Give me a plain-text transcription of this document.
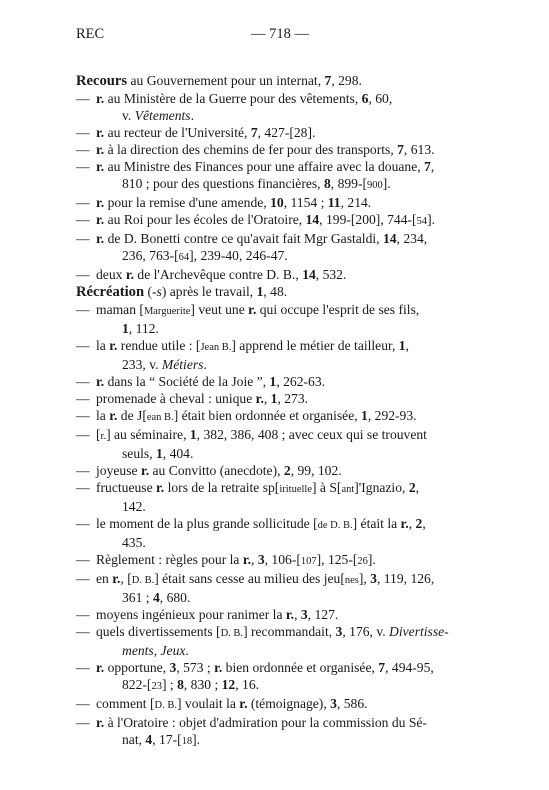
REC	— 718 —
Recours au Gouvernement pour un internat, 7, 298.
— r. au Ministère de la Guerre pour des vêtements, 6, 60,
v. Vêtements.
— r. au recteur de l'Université, 7, 427-[28].
— r. à la direction des chemins de fer pour des transports, 7, 613.
— r. au Ministre des Finances pour une affaire avec la douane, 7,
810 ; pour des questions financières, 8, 899-[900].
— r. pour la remise d'une amende, 10, 1154 ; 11, 214.
— r. au Roi pour les écoles de l'Oratoire, 14, 199-[200], 744-[54].
— r. de D. Bonetti contre ce qu'avait fait Mgr Gastaldi, 14, 234,
236, 763-[64], 239-40, 246-47.
— deux r. de l'Archevêque contre D. B., 14, 532.
Récréation (-s) après le travail, 1, 48.
— maman [Marguerite] veut une r. qui occupe l'esprit de ses fils,
1, 112.
— la r. rendue utile : [Jean B.] apprend le métier de tailleur, 1,
233, v. Métiers.
— r. dans la “ Société de la Joie ”, 1, 262-63.
— promenade à cheval : unique r., 1, 273.
— la r. de J[ean B.] était bien ordonnée et organisée, 1, 292-93.
— [r.] au séminaire, 1, 382, 386, 408 ; avec ceux qui se trouvent
seuls, 1, 404.
— joyeuse r. au Convitto (anecdote), 2, 99, 102.
— fructueuse r. lors de la retraite sp[irituelle] à S[ant]'Ignazio, 2,
142.
— le moment de la plus grande sollicitude [de D. B.] était la r., 2,
435.
— Règlement : règles pour la r., 3, 106-[107], 125-[26].
— en r., [D. B.] était sans cesse au milieu des jeu[nes], 3, 119, 126,
361 ; 4, 680.
— moyens ingénieux pour ranimer la r., 3, 127.
— quels divertissements [D. B.] recommandait, 3, 176, v. Divertisse-
ments, Jeux.
— r. opportune, 3, 573 ; r. bien ordonnée et organisée, 7, 494-95,
822-[23] ; 8, 830 ; 12, 16.
— comment [D. B.] voulait la r. (témoignage), 3, 586.
— r. à l'Oratoire : objet d'admiration pour la commission du Sé-
nat, 4, 17-[18].
